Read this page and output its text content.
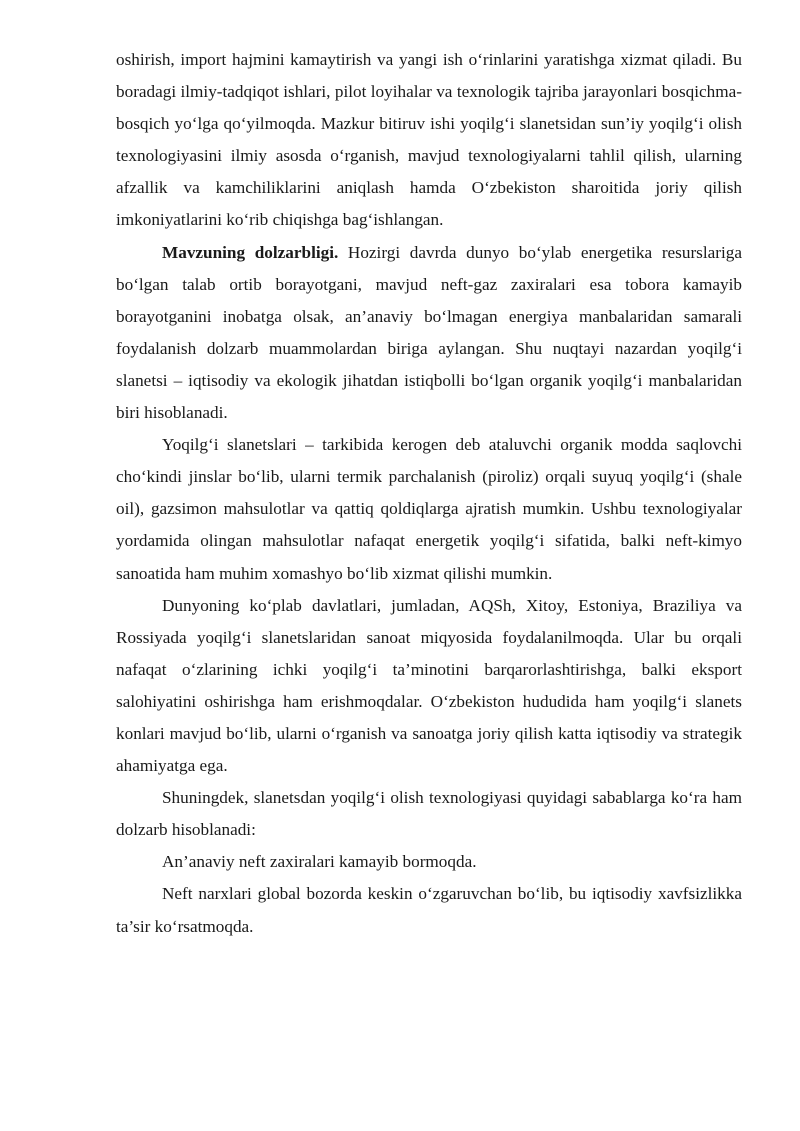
oshirish, import hajmini kamaytirish va yangi ish o‘rinlarini yaratishga xizmat qiladi. Bu boradagi ilmiy-tadqiqot ishlari, pilot loyihalar va texnologik tajriba jarayonlari bosqichma-bosqich yo‘lga qo‘yilmoqda. Mazkur bitiruv ishi yoqilg‘i slanetsidan sun’iy yoqilg‘i olish texnologiyasini ilmiy asosda o‘rganish, mavjud texnologiyalarni tahlil qilish, ularning afzallik va kamchiliklarini aniqlash hamda O‘zbekiston sharoitida joriy qilish imkoniyatlarini ko‘rib chiqishga bag‘ishlangan.

Mavzuning dolzarbligi. Hozirgi davrda dunyo bo‘ylab energetika resurslariga bo‘lgan talab ortib borayotgani, mavjud neft-gaz zaxiralari esa tobora kamayib borayotganini inobatga olsak, an’anaviy bo‘lmagan energiya manbalaridan samarali foydalanish dolzarb muammolardan biriga aylangan. Shu nuqtayi nazardan yoqilg‘i slanetsi – iqtisodiy va ekologik jihatdan istiqbolli bo‘lgan organik yoqilg‘i manbalaridan biri hisoblanadi.

Yoqilg‘i slanetslari – tarkibida kerogen deb ataluvchi organik modda saqlovchi cho‘kindi jinslar bo‘lib, ularni termik parchalanish (piroliz) orqali suyuq yoqilg‘i (shale oil), gazsimon mahsulotlar va qattiq qoldiqlarga ajratish mumkin. Ushbu texnologiyalar yordamida olingan mahsulotlar nafaqat energetik yoqilg‘i sifatida, balki neft-kimyo sanoatida ham muhim xomashyo bo‘lib xizmat qilishi mumkin.

Dunyoning ko‘plab davlatlari, jumladan, AQSh, Xitoy, Estoniya, Braziliya va Rossiyada yoqilg‘i slanetslaridan sanoat miqyosida foydalanilmoqda. Ular bu orqali nafaqat o‘zlarining ichki yoqilg‘i ta’minotini barqarorlashtirishga, balki eksport salohiyatini oshirishga ham erishmoqdalar. O‘zbekiston hududida ham yoqilg‘i slanets konlari mavjud bo‘lib, ularni o‘rganish va sanoatga joriy qilish katta iqtisodiy va strategik ahamiyatga ega.

Shuningdek, slanetsdan yoqilg‘i olish texnologiyasi quyidagi sabablarga ko‘ra ham dolzarb hisoblanadi:

An’anaviy neft zaxiralari kamayib bormoqda.

Neft narxlari global bozorda keskin o‘zgaruvchan bo‘lib, bu iqtisodiy xavfsizlikka ta’sir ko‘rsatmoqda.
